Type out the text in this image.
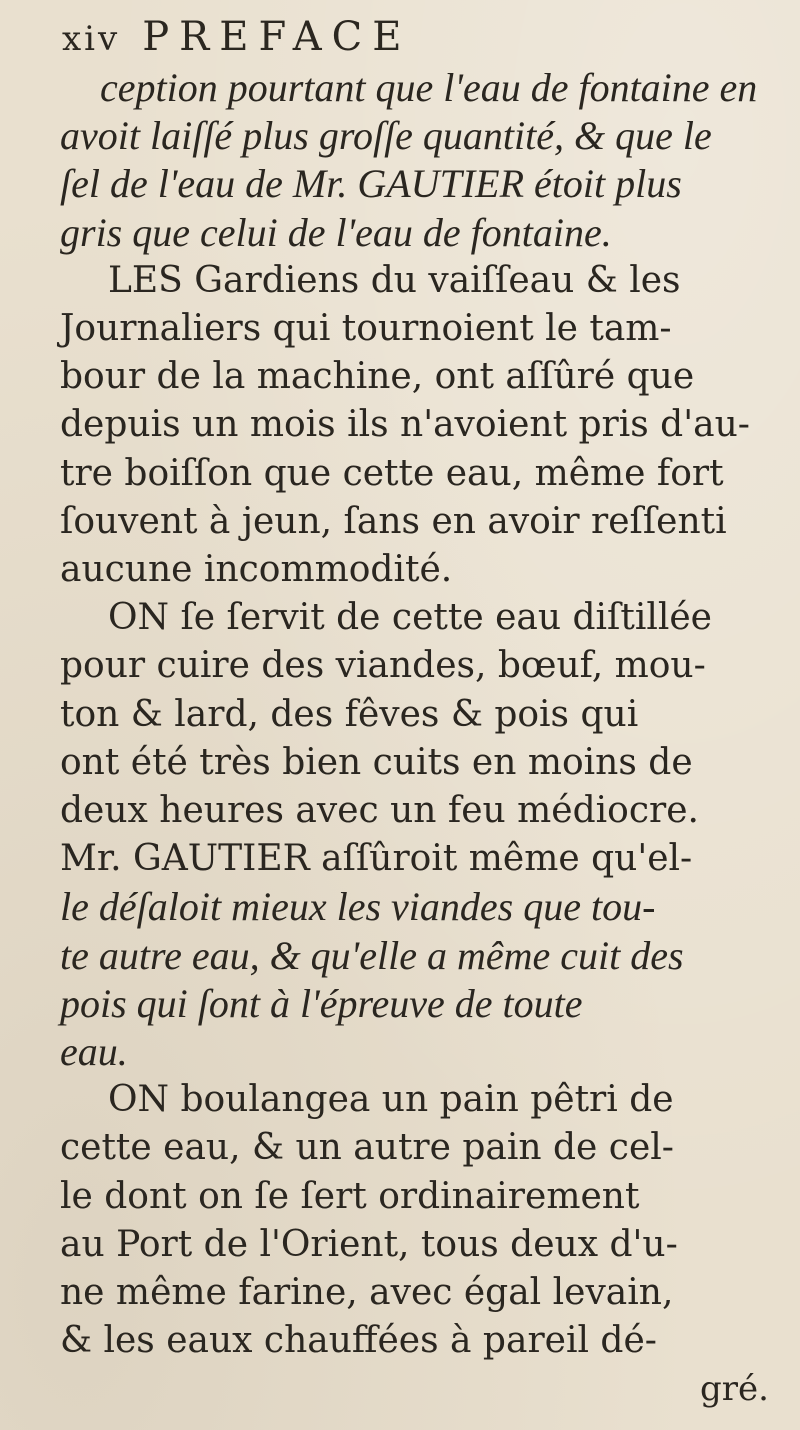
xiv PREFACE
ception pourtant que l'eau de fontaine en
avoit laiſſé plus groſſe quantité, & que le
ſel de l'eau de Mr. GAUTIER étoit plus
gris que celui de l'eau de fontaine.
LES Gardiens du vaiſſeau & les
Journaliers qui tournoient le tam-
bour de la machine, ont aſſûré que
depuis un mois ils n'avoient pris d'au-
tre boiſſon que cette eau, même fort
ſouvent à jeun, ſans en avoir reſſenti
aucune incommodité.
ON ſe ſervit de cette eau diſtillée
pour cuire des viandes, bœuf, mou-
ton & lard, des fêves & pois qui
ont été très bien cuits en moins de
deux heures avec un feu médiocre.
Mr. GAUTIER aſſûroit même qu'el-
le déſaloit mieux les viandes que tou-
te autre eau, & qu'elle a même cuit des
pois qui ſont à l'épreuve de toute
eau.
ON boulangea un pain pêtri de
cette eau, & un autre pain de cel-
le dont on ſe ſert ordinairement
au Port de l'Orient, tous deux d'u-
ne même farine, avec égal levain,
& les eaux chauffées à pareil dé-
gré.
